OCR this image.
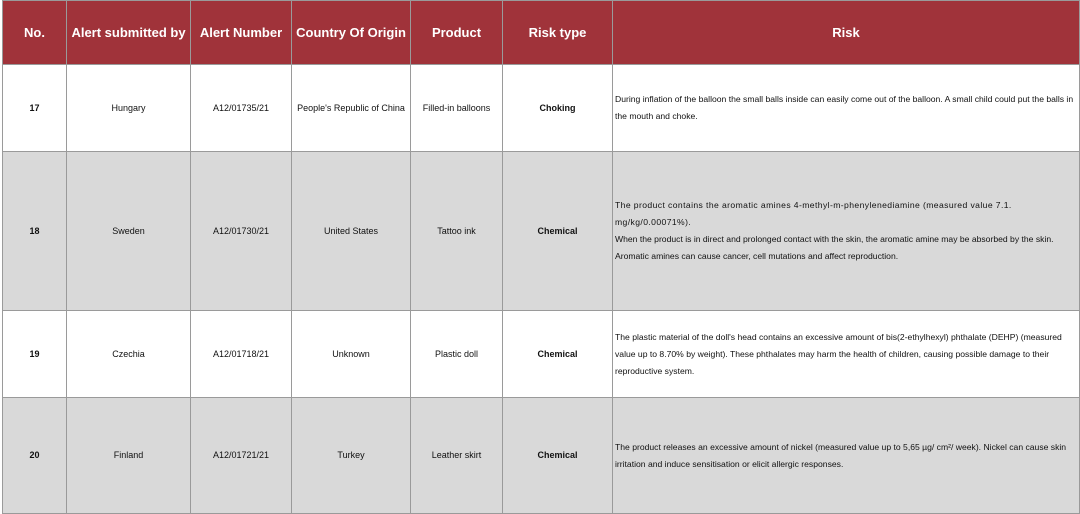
No.	Alert submitted by	Alert Number	Country Of Origin	Product	Risk type	Risk
17	Hungary	A12/01735/21	People's Republic of China	Filled-in balloons	Choking	During inflation of the balloon the small balls inside can easily come out of the balloon. A small child could put the balls in the mouth and choke.

18	Sweden	A12/01730/21	United States	Tattoo ink	Chemical	The product contains the aromatic amines 4-methyl-m-phenylenediamine (measured value 7.1. mg/kg/0.00071%).
When the product is in direct and prolonged contact with the skin, the aromatic amine may be absorbed by the skin. Aromatic amines can cause cancer, cell mutations and affect reproduction.

19	Czechia	A12/01718/21	Unknown	Plastic doll	Chemical	The plastic material of the doll's head contains an excessive amount of bis(2-ethylhexyl) phthalate (DEHP) (measured value up to 8.70% by weight). These phthalates may harm the health of children, causing possible damage to their reproductive system.

20	Finland	A12/01721/21	Turkey	Leather skirt	Chemical	The product releases an excessive amount of nickel (measured value up to 5,65 µg/ cm²/ week). Nickel can cause skin irritation and induce sensitisation or elicit allergic responses.
